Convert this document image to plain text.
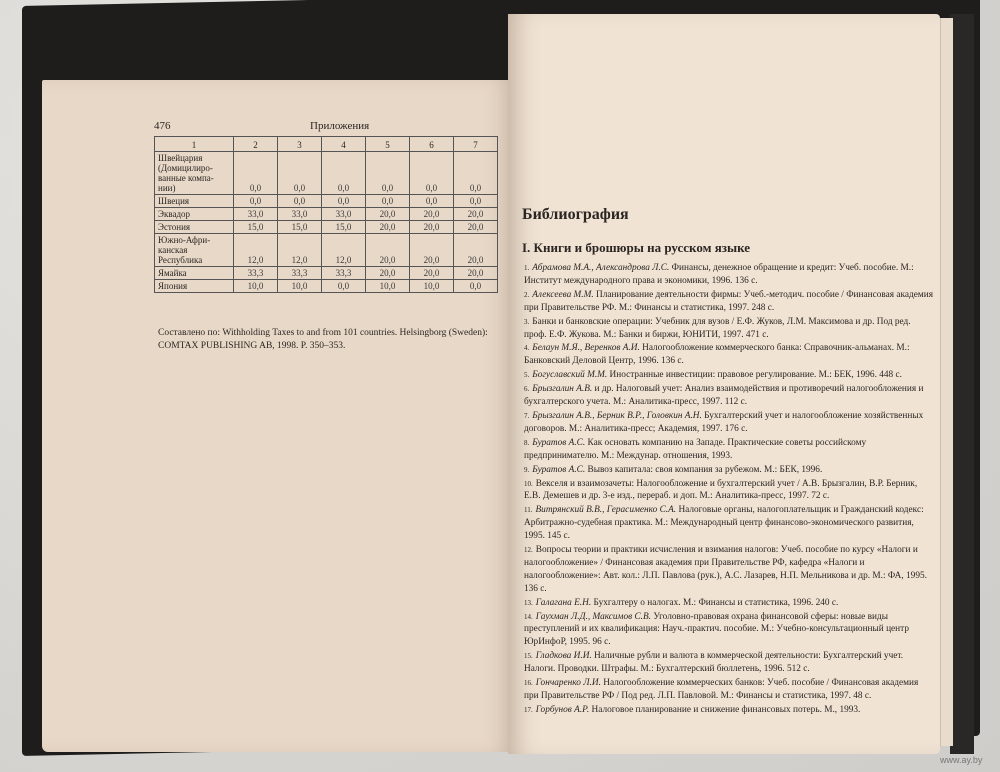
476	Приложения
1	2	3	4	5	6	7
Швейцария (Домицилиро-ванные компа-нии)	0,0	0,0	0,0	0,0	0,0	0,0
Швеция	0,0	0,0	0,0	0,0	0,0	0,0
Эквадор	33,0	33,0	33,0	20,0	20,0	20,0
Эстония	15,0	15,0	15,0	20,0	20,0	20,0
Южно-Афри-канская Республика	12,0	12,0	12,0	20,0	20,0	20,0
Ямайка	33,3	33,3	33,3	20,0	20,0	20,0
Япония	10,0	10,0	0,0	10,0	10,0	0,0
Составлено по: Withholding Taxes to and from 101 countries. Helsingborg (Sweden): COMTAX PUBLISHING AB, 1998. P. 350–353.
Библиография
I. Книги и брошюры на русском языке
1. Абрамова М.А., Александрова Л.С. Финансы, денежное обращение и кредит: Учеб. пособие. М.: Институт международного права и экономики, 1996. 136 с.
2. Алексеева М.М. Планирование деятельности фирмы: Учеб.-методич. пособие / Финансовая академия при Правительстве РФ. М.: Финансы и статистика, 1997. 248 с.
3. Банки и банковские операции: Учебник для вузов / Е.Ф. Жуков, Л.М. Максимова и др. Под ред. проф. Е.Ф. Жукова. М.: Банки и биржи, ЮНИТИ, 1997. 471 с.
4. Белаун М.Я., Веренков А.И. Налогообложение коммерческого банка: Справочник-альманах. М.: Банковский Деловой Центр, 1996. 136 с.
5. Богуславский М.М. Иностранные инвестиции: правовое регулирование. М.: БЕК, 1996. 448 с.
6. Брызгалин А.В. и др. Налоговый учет: Анализ взаимодействия и противоречий налогообложения и бухгалтерского учета. М.: Аналитика-пресс, 1997. 112 с.
7. Брызгалин А.В., Берник В.Р., Головкин А.Н. Бухгалтерский учет и налогообложение хозяйственных договоров. М.: Аналитика-пресс; Академия, 1997. 176 с.
8. Буратов А.С. Как основать компанию на Западе. Практические советы российскому предпринимателю. М.: Междунар. отношения, 1993.
9. Буратов А.С. Вывоз капитала: своя компания за рубежом. М.: БЕК, 1996.
10. Векселя и взаимозачеты: Налогообложение и бухгалтерский учет / А.В. Брызгалин, В.Р. Берник, Е.В. Демешев и др. 3-е изд., перераб. и доп. М.: Аналитика-пресс, 1997. 72 с.
11. Витрянский В.В., Герасименко С.А. Налоговые органы, налогоплательщик и Гражданский кодекс: Арбитражно-судебная практика. М.: Международный центр финансово-экономического развития, 1995. 145 с.
12. Вопросы теории и практики исчисления и взимания налогов: Учеб. пособие по курсу «Налоги и налогообложение» / Финансовая академия при Правительстве РФ, кафедра «Налоги и налогообложение»: Авт. кол.: Л.П. Павлова (рук.), А.С. Лазарев, Н.П. Мельникова и др. М.: ФА, 1995. 136 с.
13. Галагана Е.Н. Бухгалтеру о налогах. М.: Финансы и статистика, 1996. 240 с.
14. Гаухман Л.Д., Максимов С.В. Уголовно-правовая охрана финансовой сферы: новые виды преступлений и их квалификация: Науч.-практич. пособие. М.: Учебно-консультационный центр ЮрИнфоР, 1995. 96 с.
15. Гладкова И.И. Наличные рубли и валюта в коммерческой деятельности: Бухгалтерский учет. Налоги. Проводки. Штрафы. М.: Бухгалтерский бюллетень, 1996. 512 с.
16. Гончаренко Л.И. Налогообложение коммерческих банков: Учеб. пособие / Финансовая академия при Правительстве РФ / Под ред. Л.П. Павловой. М.: Финансы и статистика, 1997. 48 с.
17. Горбунов А.Р. Налоговое планирование и снижение финансовых потерь. М., 1993.
www.ay.by
